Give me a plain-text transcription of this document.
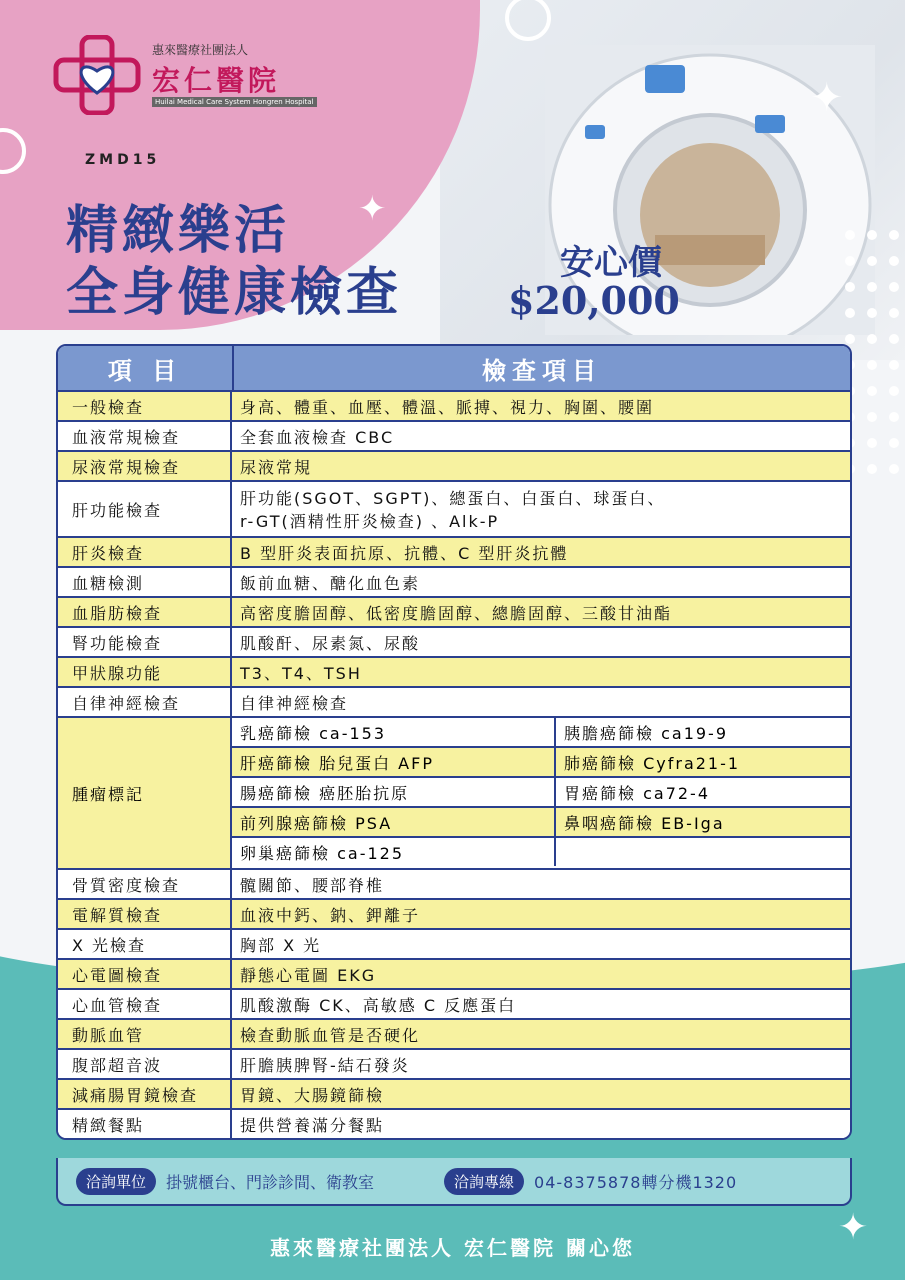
✦
✦
✦
惠來醫療社團法人
宏仁醫院
Huilai Medical Care System Hongren Hospital
ZMD15
精緻樂活
全身健康檢查	安心價
$20,000
項 目	檢查項目
一般檢查	身高、體重、血壓、體溫、脈搏、視力、胸圍、腰圍
血液常規檢查	全套血液檢查 CBC
尿液常規檢查	尿液常規
肝功能檢查
肝功能(SGOT、SGPT)、總蛋白、白蛋白、球蛋白、
r-GT(酒精性肝炎檢查) 、Alk-P
肝炎檢查	B 型肝炎表面抗原、抗體、C 型肝炎抗體
血糖檢測	飯前血糖、醣化血色素
血脂肪檢查	高密度膽固醇、低密度膽固醇、總膽固醇、三酸甘油酯
腎功能檢查	肌酸酐、尿素氮、尿酸
甲狀腺功能	T3、T4、TSH
自律神經檢查	自律神經檢查
腫瘤標記
乳癌篩檢 ca-153	胰膽癌篩檢 ca19-9
肝癌篩檢 胎兒蛋白 AFP	肺癌篩檢 Cyfra21-1
腸癌篩檢 癌胚胎抗原	胃癌篩檢 ca72-4
前列腺癌篩檢 PSA	鼻咽癌篩檢 EB-Iga
卵巢癌篩檢 ca-125
骨質密度檢查	髖關節、腰部脊椎
電解質檢查	血液中鈣、鈉、鉀離子
X 光檢查	胸部 X 光
心電圖檢查	靜態心電圖 EKG
心血管檢查	肌酸激酶 CK、高敏感 C 反應蛋白
動脈血管	檢查動脈血管是否硬化
腹部超音波	肝膽胰脾腎-結石發炎
減痛腸胃鏡檢查	胃鏡、大腸鏡篩檢
精緻餐點	提供營養滿分餐點
洽詢單位	掛號櫃台、門診診間、衛教室	洽詢專線	04-8375878轉分機1320
惠來醫療社團法人 宏仁醫院 關心您
